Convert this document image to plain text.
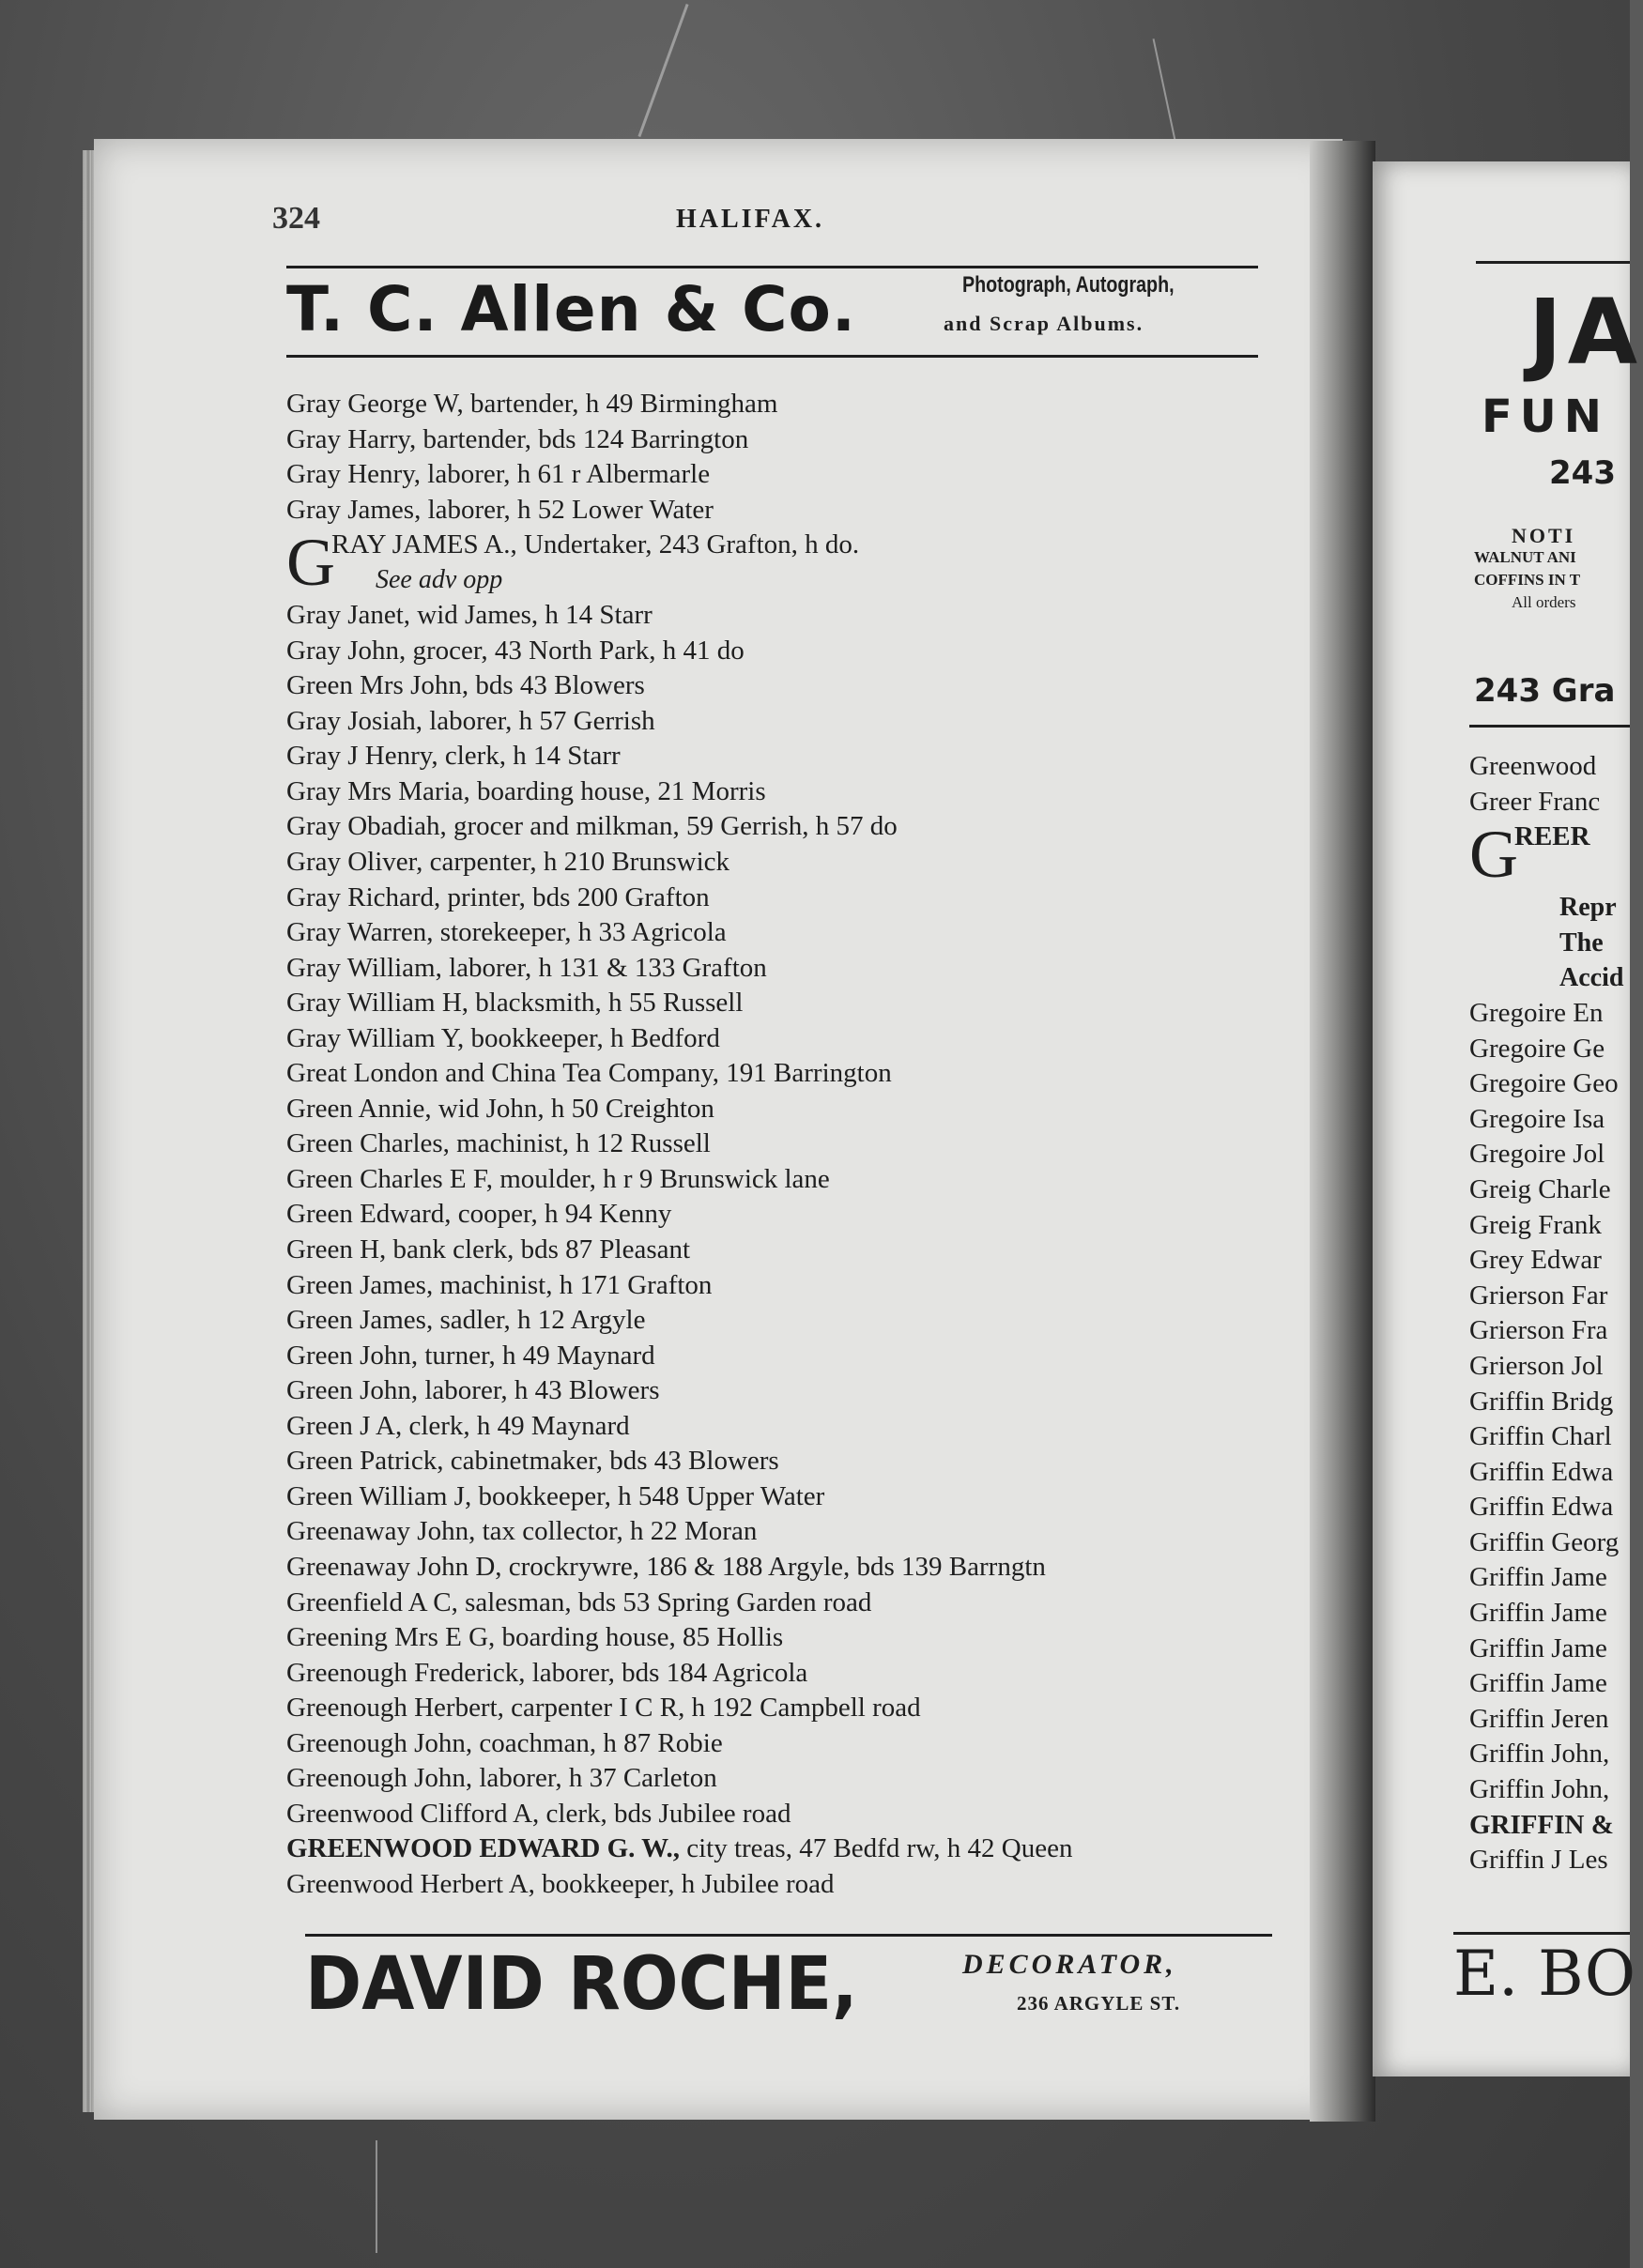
324	HALIFAX.
T. C. Allen & Co.	Photograph, Autograph,
and Scrap Albums.
Gray George W, bartender, h 49 Birmingham
Gray Harry, bartender, bds 124 Barrington
Gray Henry, laborer, h 61 r Albermarle
Gray James, laborer, h 52 Lower Water
G
RAY JAMES A., Undertaker, 243 Grafton, h do.
See adv opp
Gray Janet, wid James, h 14 Starr
Gray John, grocer, 43 North Park, h 41 do
Green Mrs John, bds 43 Blowers
Gray Josiah, laborer, h 57 Gerrish
Gray J Henry, clerk, h 14 Starr
Gray Mrs Maria, boarding house, 21 Morris
Gray Obadiah, grocer and milkman, 59 Gerrish, h 57 do
Gray Oliver, carpenter, h 210 Brunswick
Gray Richard, printer, bds 200 Grafton
Gray Warren, storekeeper, h 33 Agricola
Gray William, laborer, h 131 & 133 Grafton
Gray William H, blacksmith, h 55 Russell
Gray William Y, bookkeeper, h Bedford
Great London and China Tea Company, 191 Barrington
Green Annie, wid John, h 50 Creighton
Green Charles, machinist, h 12 Russell
Green Charles E F, moulder, h r 9 Brunswick lane
Green Edward, cooper, h 94 Kenny
Green H, bank clerk, bds 87 Pleasant
Green James, machinist, h 171 Grafton
Green James, sadler, h 12 Argyle
Green John, turner, h 49 Maynard
Green John, laborer, h 43 Blowers
Green J A, clerk, h 49 Maynard
Green Patrick, cabinetmaker, bds 43 Blowers
Green William J, bookkeeper, h 548 Upper Water
Greenaway John, tax collector, h 22 Moran
Greenaway John D, crockrywre, 186 & 188 Argyle, bds 139 Barrngtn
Greenfield A C, salesman, bds 53 Spring Garden road
Greening Mrs E G, boarding house, 85 Hollis
Greenough Frederick, laborer, bds 184 Agricola
Greenough Herbert, carpenter I C R, h 192 Campbell road
Greenough John, coachman, h 87 Robie
Greenough John, laborer, h 37 Carleton
Greenwood Clifford A, clerk, bds Jubilee road
GREENWOOD EDWARD G. W., city treas, 47 Bedfd rw, h 42 Queen
Greenwood Herbert A, bookkeeper, h Jubilee road
DAVID ROCHE,	DECORATOR,
236 ARGYLE ST.
JA
FUN
243
NOTI
WALNUT ANI
COFFINS IN T
All orders
243 Gra
Greenwood
Greer Franc
G
REER
Repr
The
Accid
Gregoire En
Gregoire Ge
Gregoire Geo
Gregoire Isa
Gregoire Jol
Greig Charle
Greig Frank
Grey Edwar
Grierson Far
Grierson Fra
Grierson Jol
Griffin Bridg
Griffin Charl
Griffin Edwa
Griffin Edwa
Griffin Georg
Griffin Jame
Griffin Jame
Griffin Jame
Griffin Jame
Griffin Jeren
Griffin John,
Griffin John,
GRIFFIN &
Griffin J Les
E. BO
